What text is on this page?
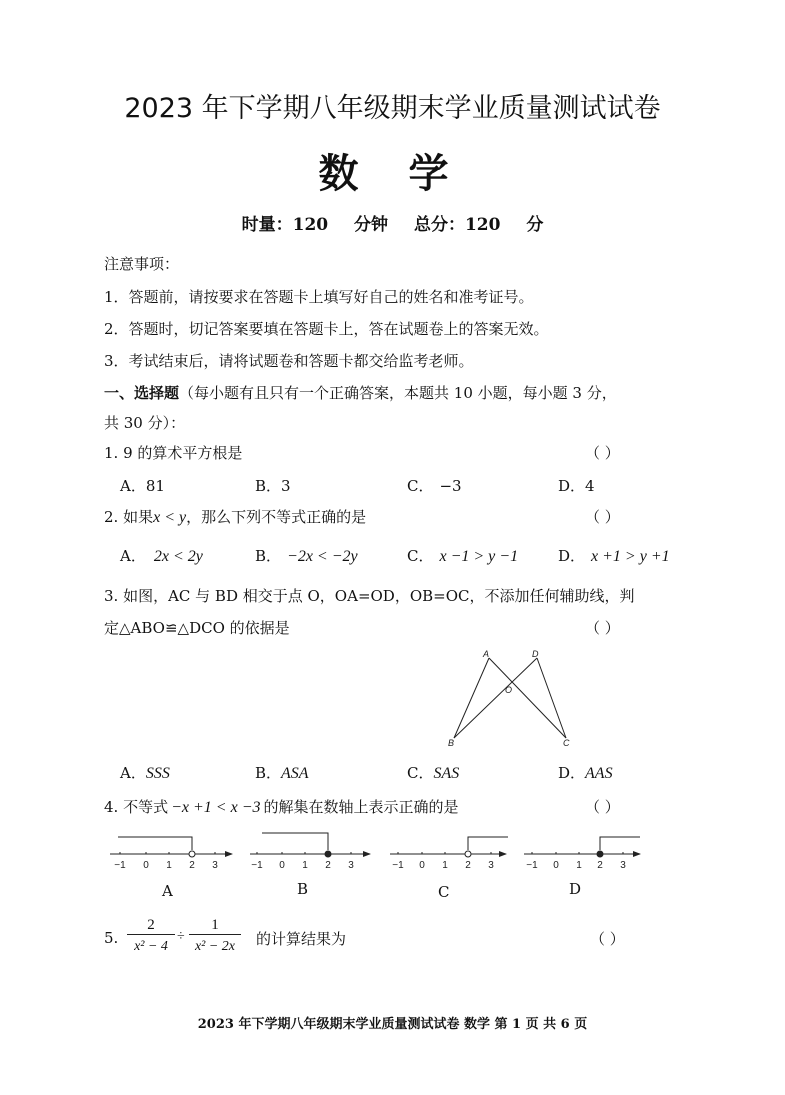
2023 年下学期八年级期末学业质量测试试卷
数 学
时量：120 分钟 总分：120 分
注意事项：
1．答题前，请按要求在答题卡上填写好自己的姓名和准考证号。
2．答题时，切记答案要填在答题卡上，答在试题卷上的答案无效。
3．考试结束后，请将试题卷和答题卡都交给监考老师。
一、选择题（每小题有且只有一个正确答案，本题共 10 小题，每小题 3 分，
共 30 分）：
1. 9 的算术平方根是	（ ）
A．81	B．3	C． −3	D．4
2. 如果x < y，那么下列不等式正确的是	（ ）
A． 2x < 2y	B． −2x < −2y	C． x −1 > y −1	D． x +1 > y +1
3. 如图，AC 与 BD 相交于点 O，OA=OD，OB=OC，不添加任何辅助线，判
定△ABO≌△DCO 的依据是	（ ）
A	D
O
B	C
A．SSS	B．ASA	C．SAS	D．AAS
4. 不等式 −x +1 < x −3 的解集在数轴上表示正确的是	（ ）
−1 0 1 2 3	−1 0 1 2 3	−1 0 1 2 3	−1 0 1 2 3
A	B	C	D
5.
2
x² − 4
÷
1
x² − 2x	的计算结果为	（ ）
2023 年下学期八年级期末学业质量测试试卷 数学 第 1 页 共 6 页
